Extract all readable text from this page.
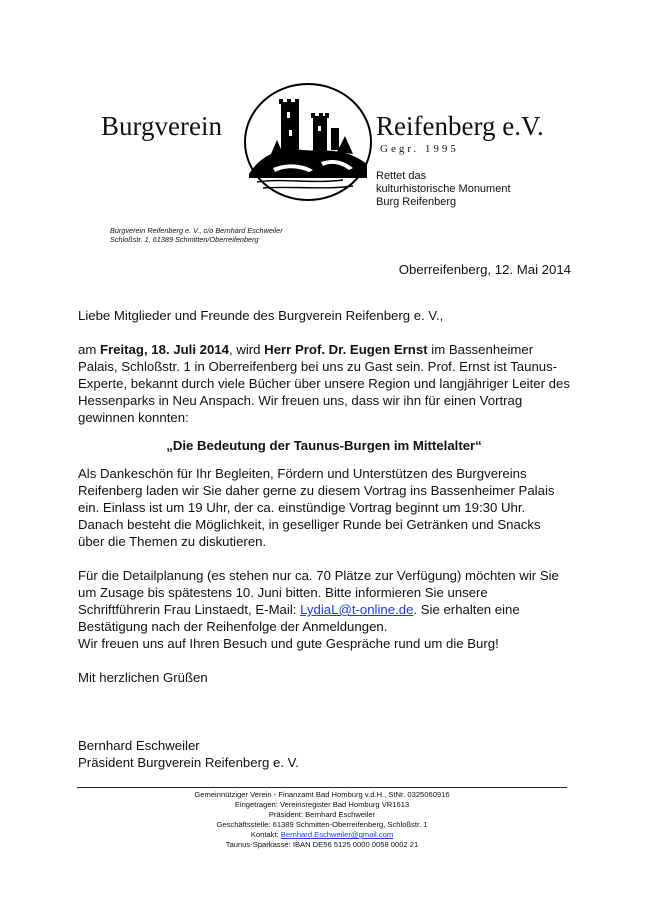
Burgverein	Reifenberg e.V.
Gegr. 1995
Rettet das
kulturhistorische Monument
Burg Reifenberg
Burgverein Reifenberg e. V., c/o Bernhard Eschweiler
Schloßstr. 1, 61389 Schmitten/Oberreifenberg
Oberreifenberg, 12. Mai 2014

Liebe Mitglieder und Freunde des Burgverein Reifenberg e. V.,

am Freitag, 18. Juli 2014, wird Herr Prof. Dr. Eugen Ernst im Bassenheimer Palais, Schloßstr. 1 in Oberreifenberg bei uns zu Gast sein. Prof. Ernst ist Taunus-Experte, bekannt durch viele Bücher über unsere Region und langjähriger Leiter des Hessenparks in Neu Anspach. Wir freuen uns, dass wir ihn für einen Vortrag gewinnen konnten:

„Die Bedeutung der Taunus-Burgen im Mittelalter“

Als Dankeschön für Ihr Begleiten, Fördern und Unterstützen des Burgvereins Reifenberg laden wir Sie daher gerne zu diesem Vortrag ins Bassenheimer Palais ein. Einlass ist um 19 Uhr, der ca. einstündige Vortrag beginnt um 19:30 Uhr. Danach besteht die Möglichkeit, in geselliger Runde bei Getränken und Snacks über die Themen zu diskutieren.

Für die Detailplanung (es stehen nur ca. 70 Plätze zur Verfügung) möchten wir Sie um Zusage bis spätestens 10. Juni bitten. Bitte informieren Sie unsere Schriftführerin Frau Linstaedt, E-Mail: LydiaL@t-online.de. Sie erhalten eine Bestätigung nach der Reihenfolge der Anmeldungen.

Wir freuen uns auf Ihren Besuch und gute Gespräche rund um die Burg!

Mit herzlichen Grüßen

Bernhard Eschweiler

Präsident Burgverein Reifenberg e. V.

Gemeinnütziger Verein - Finanzamt Bad Homburg v.d.H., StNr. 0325060916
Eingetragen: Vereinsregister Bad Homburg VR1613
Präsident: Bernhard Eschweiler
Geschäftsstelle: 61389 Schmitten-Oberreifenberg, Schloßstr. 1
Kontakt: Bernhard.Eschweiler@gmail.com
Taunus-Sparkasse: IBAN DE56 5125 0000 0058 0002 21
